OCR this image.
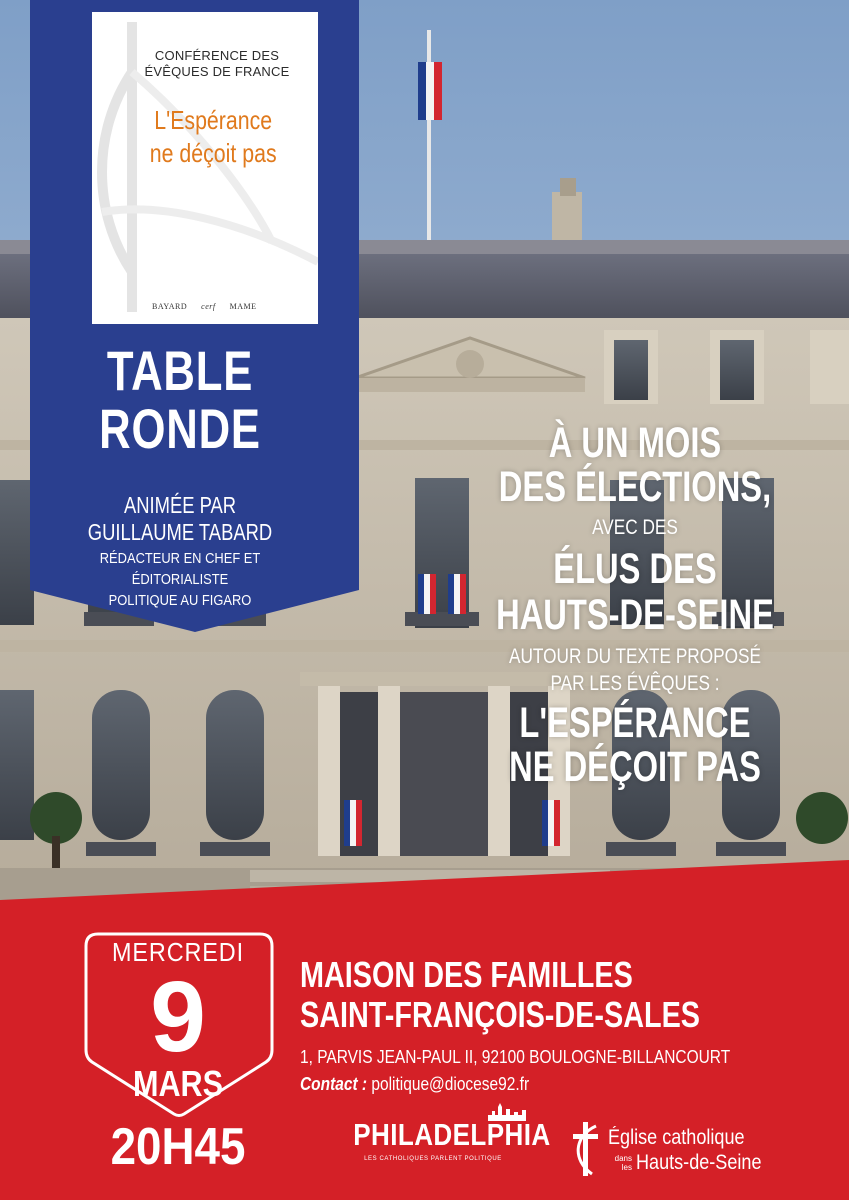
CONFÉRENCE DES
ÉVÊQUES DE FRANCE
L'Espérance
ne déçoit pas
BAYARD cerf MAME
TABLE
RONDE
ANIMÉE PAR
GUILLAUME TABARD
RÉDACTEUR EN CHEF ET ÉDITORIALISTE
POLITIQUE AU FIGARO
À UN MOIS
DES ÉLECTIONS,
AVEC DES
ÉLUS DES
HAUTS-DE-SEINE
AUTOUR DU TEXTE PROPOSÉ
PAR LES ÉVÊQUES :
L'ESPÉRANCE
NE DÉÇOIT PAS
MERCREDI
9
MARS
20H45
MAISON DES FAMILLES
SAINT-FRANÇOIS-DE-SALES
1, PARVIS JEAN-PAUL II, 92100 BOULOGNE-BILLANCOURT
Contact : politique@diocese92.fr
PHILADELPHIA
LES CATHOLIQUES PARLENT POLITIQUE
Église catholique
dans
les Hauts-de-Seine
